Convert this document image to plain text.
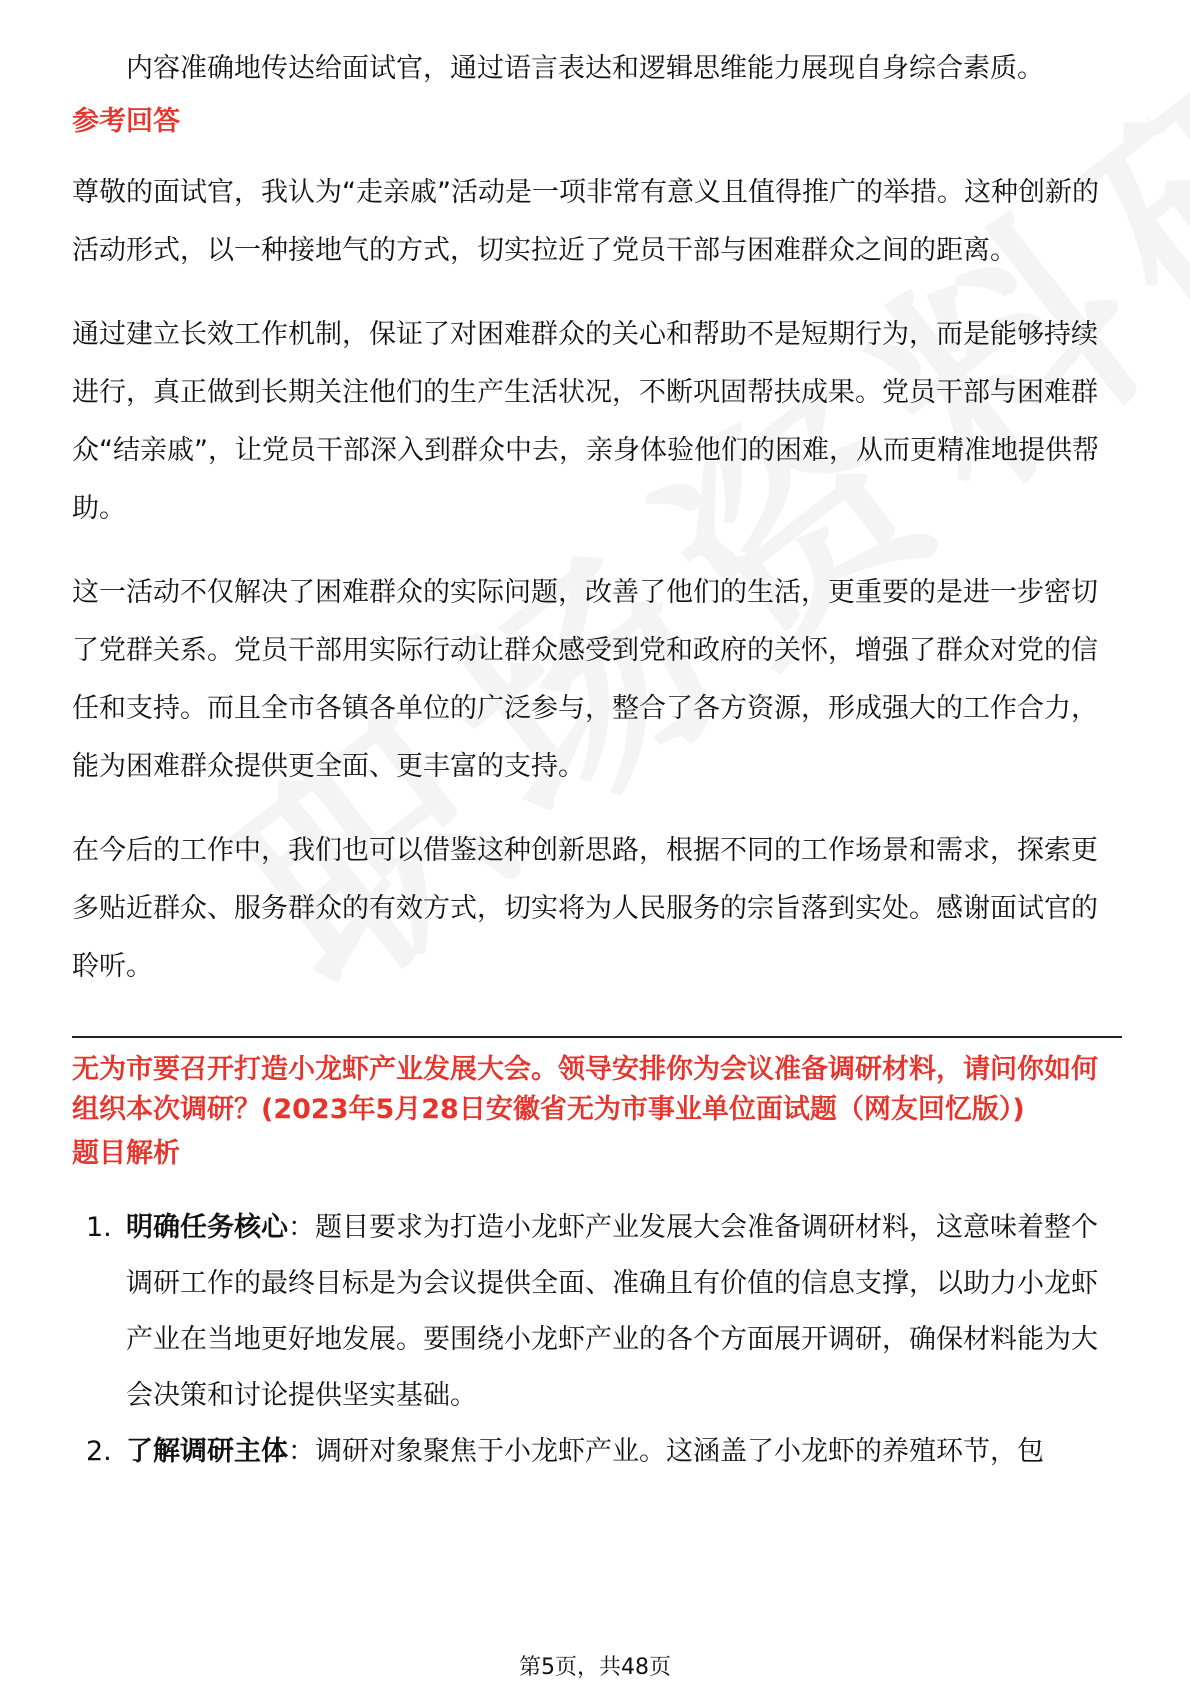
内容准确地传达给面试官，通过语言表达和逻辑思维能力展现自身综合素质。

参考回答

尊敬的面试官，我认为“走亲戚”活动是一项非常有意义且值得推广的举措。这种创新的活动形式，以一种接地气的方式，切实拉近了党员干部与困难群众之间的距离。

通过建立长效工作机制，保证了对困难群众的关心和帮助不是短期行为，而是能够持续进行，真正做到长期关注他们的生产生活状况，不断巩固帮扶成果。党员干部与困难群众“结亲戚”，让党员干部深入到群众中去，亲身体验他们的困难，从而更精准地提供帮助。

这一活动不仅解决了困难群众的实际问题，改善了他们的生活，更重要的是进一步密切了党群关系。党员干部用实际行动让群众感受到党和政府的关怀，增强了群众对党的信任和支持。而且全市各镇各单位的广泛参与，整合了各方资源，形成强大的工作合力，能为困难群众提供更全面、更丰富的支持。

在今后的工作中，我们也可以借鉴这种创新思路，根据不同的工作场景和需求，探索更多贴近群众、服务群众的有效方式，切实将为人民服务的宗旨落到实处。感谢面试官的聆听。

无为市要召开打造小龙虾产业发展大会。领导安排你为会议准备调研材料，请问你如何组织本次调研？(2023年5月28日安徽省无为市事业单位面试题（网友回忆版）)

题目解析

1. 明确任务核心：题目要求为打造小龙虾产业发展大会准备调研材料，这意味着整个调研工作的最终目标是为会议提供全面、准确且有价值的信息支撑，以助力小龙虾产业在当地更好地发展。要围绕小龙虾产业的各个方面展开调研，确保材料能为大会决策和讨论提供坚实基础。
2. 了解调研主体：调研对象聚焦于小龙虾产业。这涵盖了小龙虾的养殖环节，包
第5页，共48页
